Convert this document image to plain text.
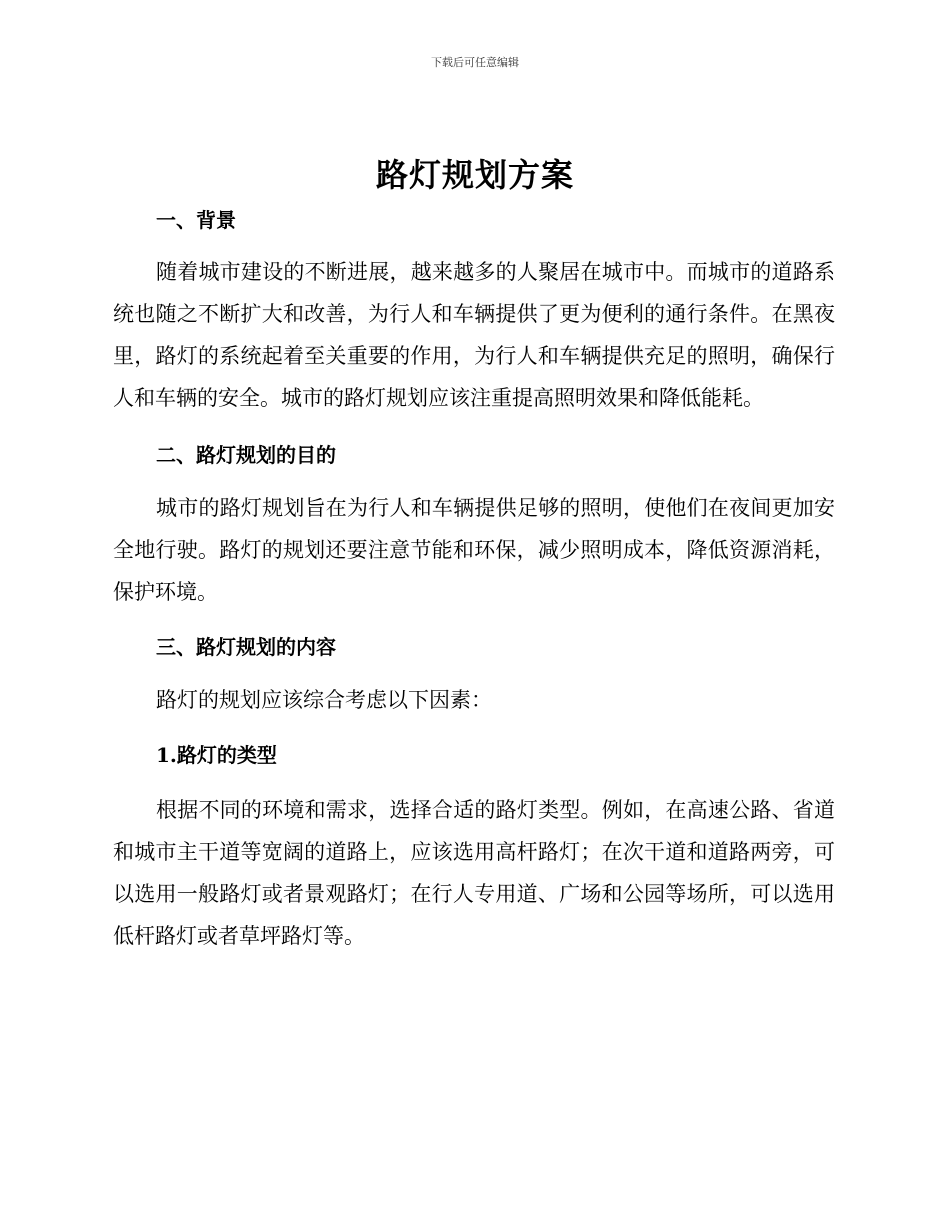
下载后可任意编辑
路灯规划方案
一、背景

随着城市建设的不断进展，越来越多的人聚居在城市中。而城市的道路系统也随之不断扩大和改善，为行人和车辆提供了更为便利的通行条件。在黑夜里，路灯的系统起着至关重要的作用，为行人和车辆提供充足的照明，确保行人和车辆的安全。城市的路灯规划应该注重提高照明效果和降低能耗。

二、路灯规划的目的

城市的路灯规划旨在为行人和车辆提供足够的照明，使他们在夜间更加安全地行驶。路灯的规划还要注意节能和环保，减少照明成本，降低资源消耗，保护环境。

三、路灯规划的内容

路灯的规划应该综合考虑以下因素：

1.路灯的类型

根据不同的环境和需求，选择合适的路灯类型。例如，在高速公路、省道和城市主干道等宽阔的道路上，应该选用高杆路灯；在次干道和道路两旁，可以选用一般路灯或者景观路灯；在行人专用道、广场和公园等场所，可以选用低杆路灯或者草坪路灯等。
